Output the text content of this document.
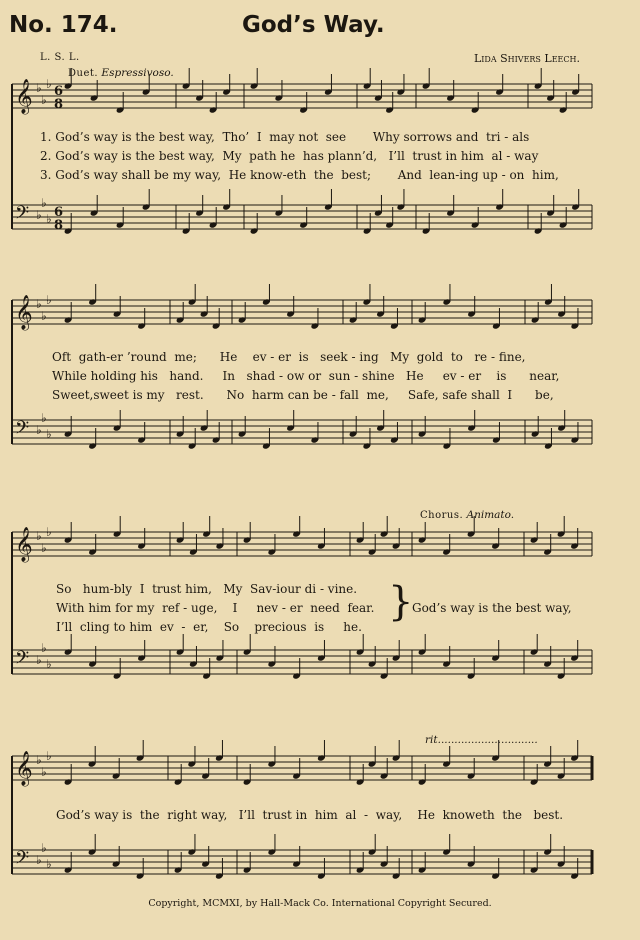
No. 174.	God’s Way.
L. S. L.	Lida Shivers Leech.
Duet. Espressivoso.
𝄞 ♭
♭
♭
𝄢 ♭
♭
♭
6
8
6
8
𝄞 ♭
♭
♭
𝄢 ♭
♭
♭
𝄞 ♭
♭
♭
𝄢 ♭
♭
♭
𝄞 ♭
♭
♭
𝄢 ♭
♭
♭

1. God’s way is the best way,  Tho’  I  may not  see       Why sorrows and  tri - als

2. God’s way is the best way,  My  path he  has plann’d,   I’ll  trust in him  al - way

3. God’s way shall be my way,  He know-eth  the  best;       And  lean-ing up - on  him,

Oft  gath-er ’round  me;      He    ev - er  is   seek - ing   My  gold  to   re - fine,

While holding his   hand.     In   shad - ow or  sun - shine   He     ev - er    is      near,

Sweet,sweet is my   rest.      No  harm can be - fall  me,     Safe, safe shall  I      be,

Chorus. Animato.

So   hum-bly  I  trust him,   My  Sav-iour di - vine.

With him for my  ref - uge,    I     nev - er  need  fear.

I’ll  cling to him  ev  -  er,    So    precious  is     he.

}
God’s way is the best way,
rit..............................

God’s way is  the  right way,   I’ll  trust in  him  al  -  way,    He  knoweth  the   best.

Copyright, MCMXI, by Hall-Mack Co. International Copyright Secured.
